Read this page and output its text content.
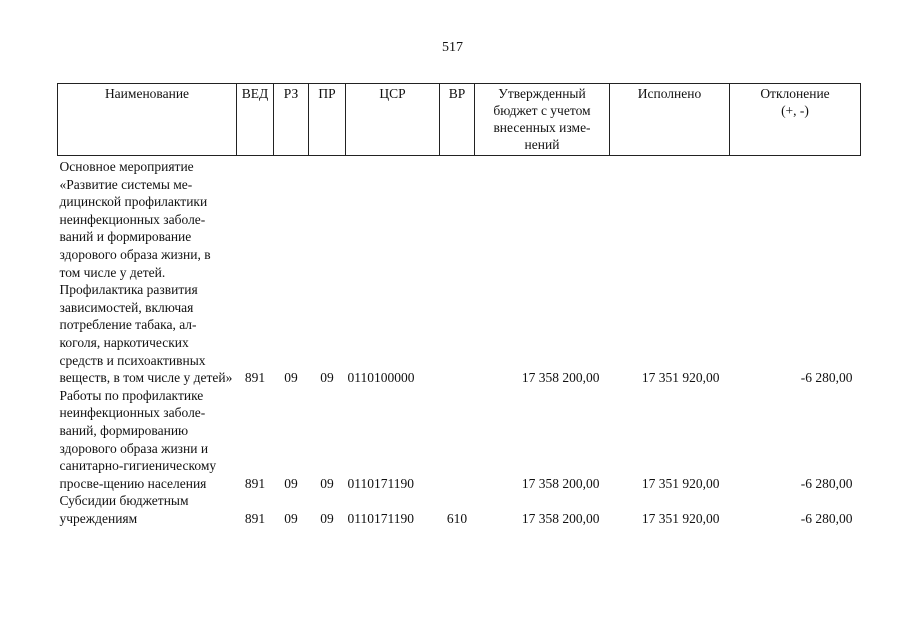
517
Наименование	ВЕД	РЗ	ПР	ЦСР	ВР	Утвержденный
бюджет с учетом
внесенных изме-
нений	Исполнено	Отклонение
(+, -)

Основное мероприятие «Развитие системы ме-дицинской профилактики неинфекционных заболе-ваний и формирование здорового образа жизни, в том числе у детей. Профилактика развития зависимостей, включая потребление табака, ал-коголя, наркотических средств и психоактивных веществ, в том числе у детей»	891	09	09	0110100000		17 358 200,00	17 351 920,00	-6 280,00
Работы по профилактике неинфекционных заболе-ваний, формированию здорового образа жизни и санитарно-гигиеническому просве-щению населения	891	09	09	0110171190		17 358 200,00	17 351 920,00	-6 280,00
Субсидии бюджетным учреждениям	891	09	09	0110171190	610	17 358 200,00	17 351 920,00	-6 280,00
